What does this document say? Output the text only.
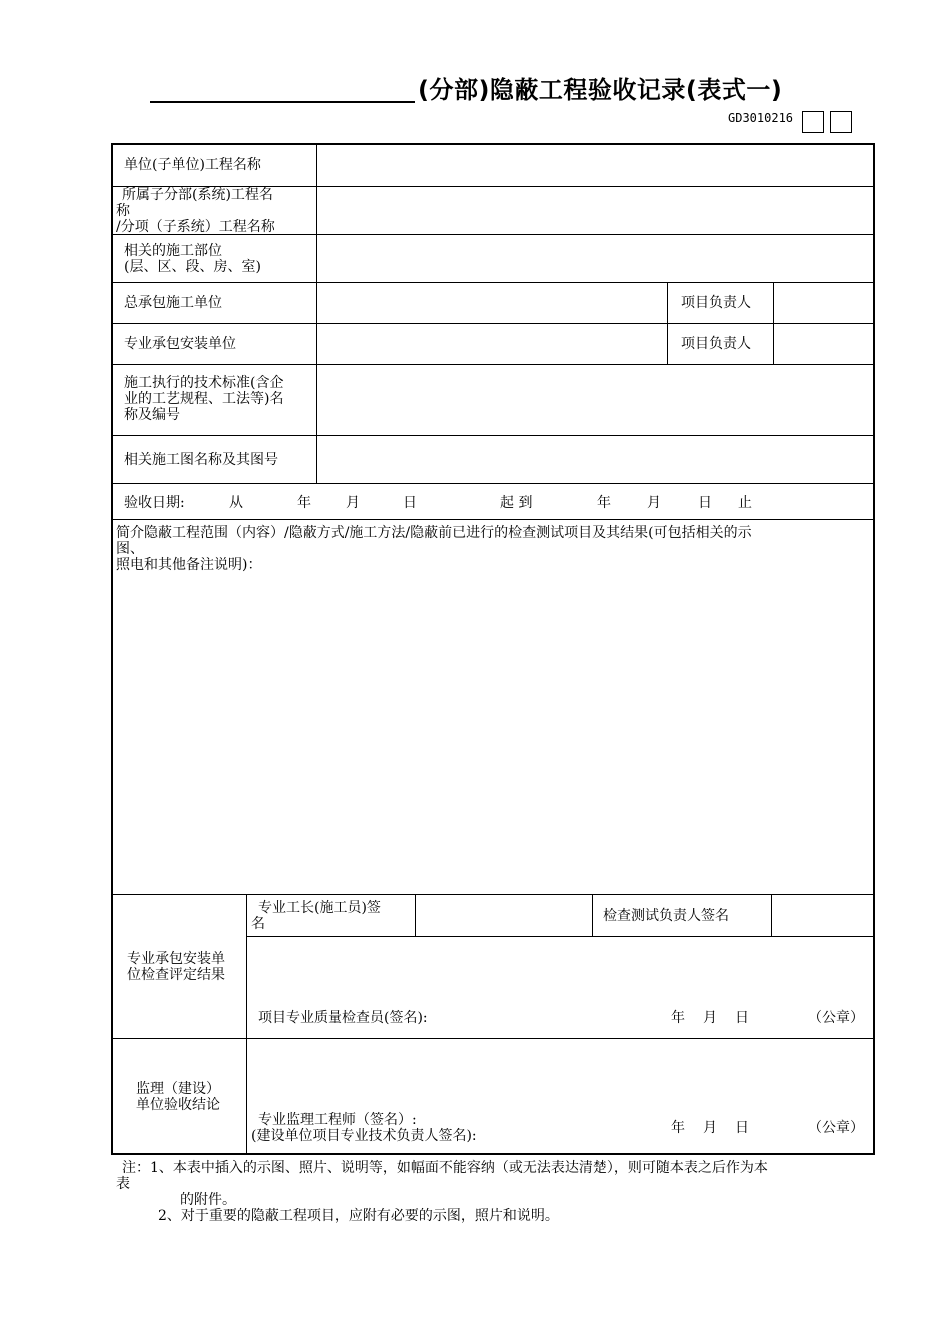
(分部)隐蔽工程验收记录(表式一)
GD3010216
单位(子单位)工程名称
所属子分部(系统)工程名
称
/分项（子系统）工程名称
相关的施工部位
(层、区、段、房、室)
总承包施工单位	项目负责人
专业承包安装单位	项目负责人
施工执行的技术标准(含企
业的工艺规程、工法等)名
称及编号
相关施工图名称及其图号
验收日期:	从	年	月	日	起 到	年	月	日 止
简介隐蔽工程范围（内容）/隐蔽方式/施工方法/隐蔽前已进行的检查测试项目及其结果(可包括相关的示
图、
照电和其他备注说明)：
专业承包安装单
位检查评定结果
专业工长(施工员)签
名	检查测试负责人签名
项目专业质量检查员(签名):	年 月 日	（公章）
监理（建设）
单位验收结论
专业监理工程师（签名）:
(建设单位项目专业技术负责人签名):	年 月 日	（公章）
注：1、本表中插入的示图、照片、说明等，如幅面不能容纳（或无法表达清楚），则可随本表之后作为本
表
的附件。
2、对于重要的隐蔽工程项目，应附有必要的示图，照片和说明。
